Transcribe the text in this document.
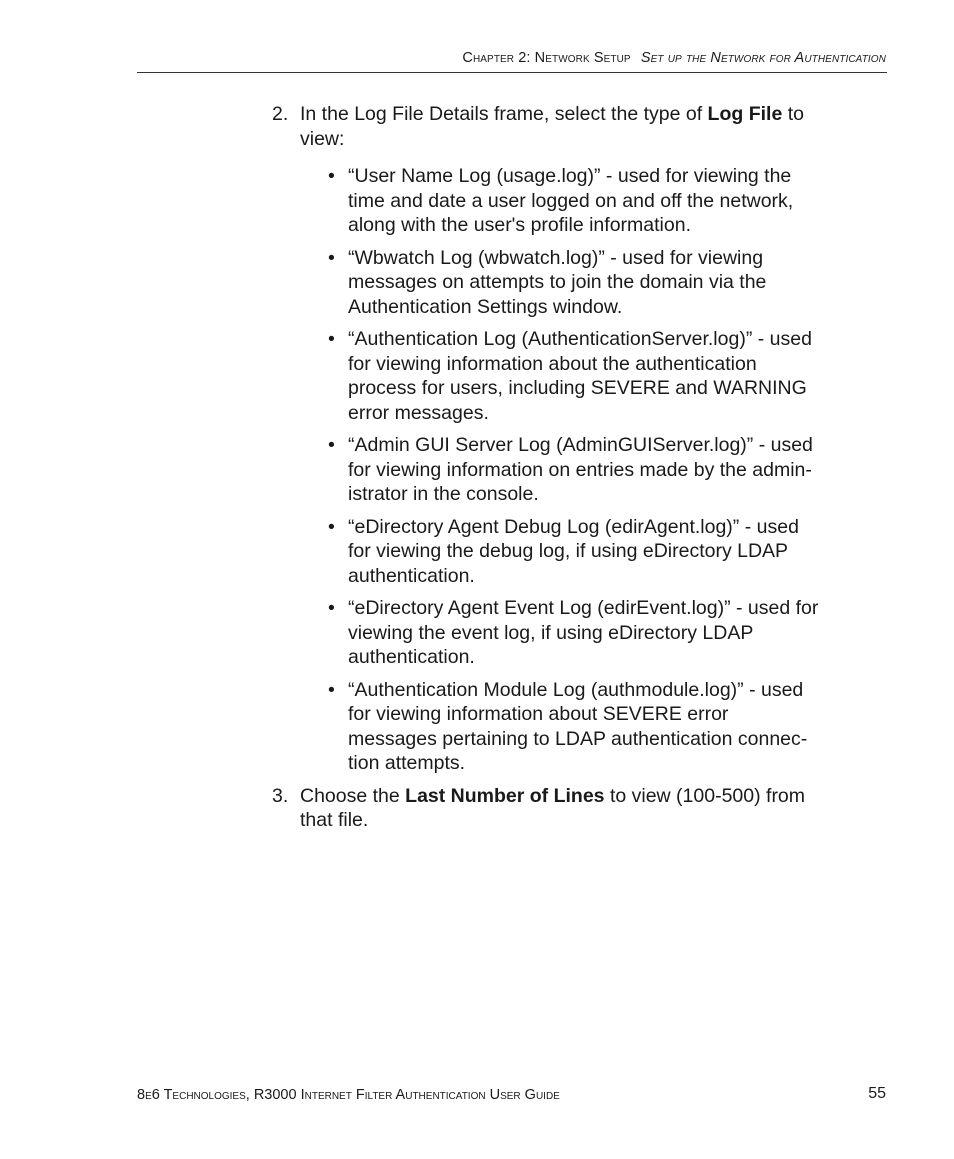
Chapter 2: Network Setup Set up the Network for Authentication
2. In the Log File Details frame, select the type of Log File to view:
• “User Name Log (usage.log)” - used for viewing the time and date a user logged on and off the network, along with the user's profile information.
• “Wbwatch Log (wbwatch.log)” - used for viewing messages on attempts to join the domain via the Authentication Settings window.
• “Authentication Log (AuthenticationServer.log)” - used for viewing information about the authentication process for users, including SEVERE and WARNING error messages.
• “Admin GUI Server Log (AdminGUIServer.log)” - used for viewing information on entries made by the administrator in the console.
• “eDirectory Agent Debug Log (edirAgent.log)” - used for viewing the debug log, if using eDirectory LDAP authentication.
• “eDirectory Agent Event Log (edirEvent.log)” - used for viewing the event log, if using eDirectory LDAP authentication.
• “Authentication Module Log (authmodule.log)” - used for viewing information about SEVERE error messages pertaining to LDAP authentication connection attempts.
3. Choose the Last Number of Lines to view (100-500) from that file.
8e6 Technologies, R3000 Internet Filter Authentication User Guide	55
